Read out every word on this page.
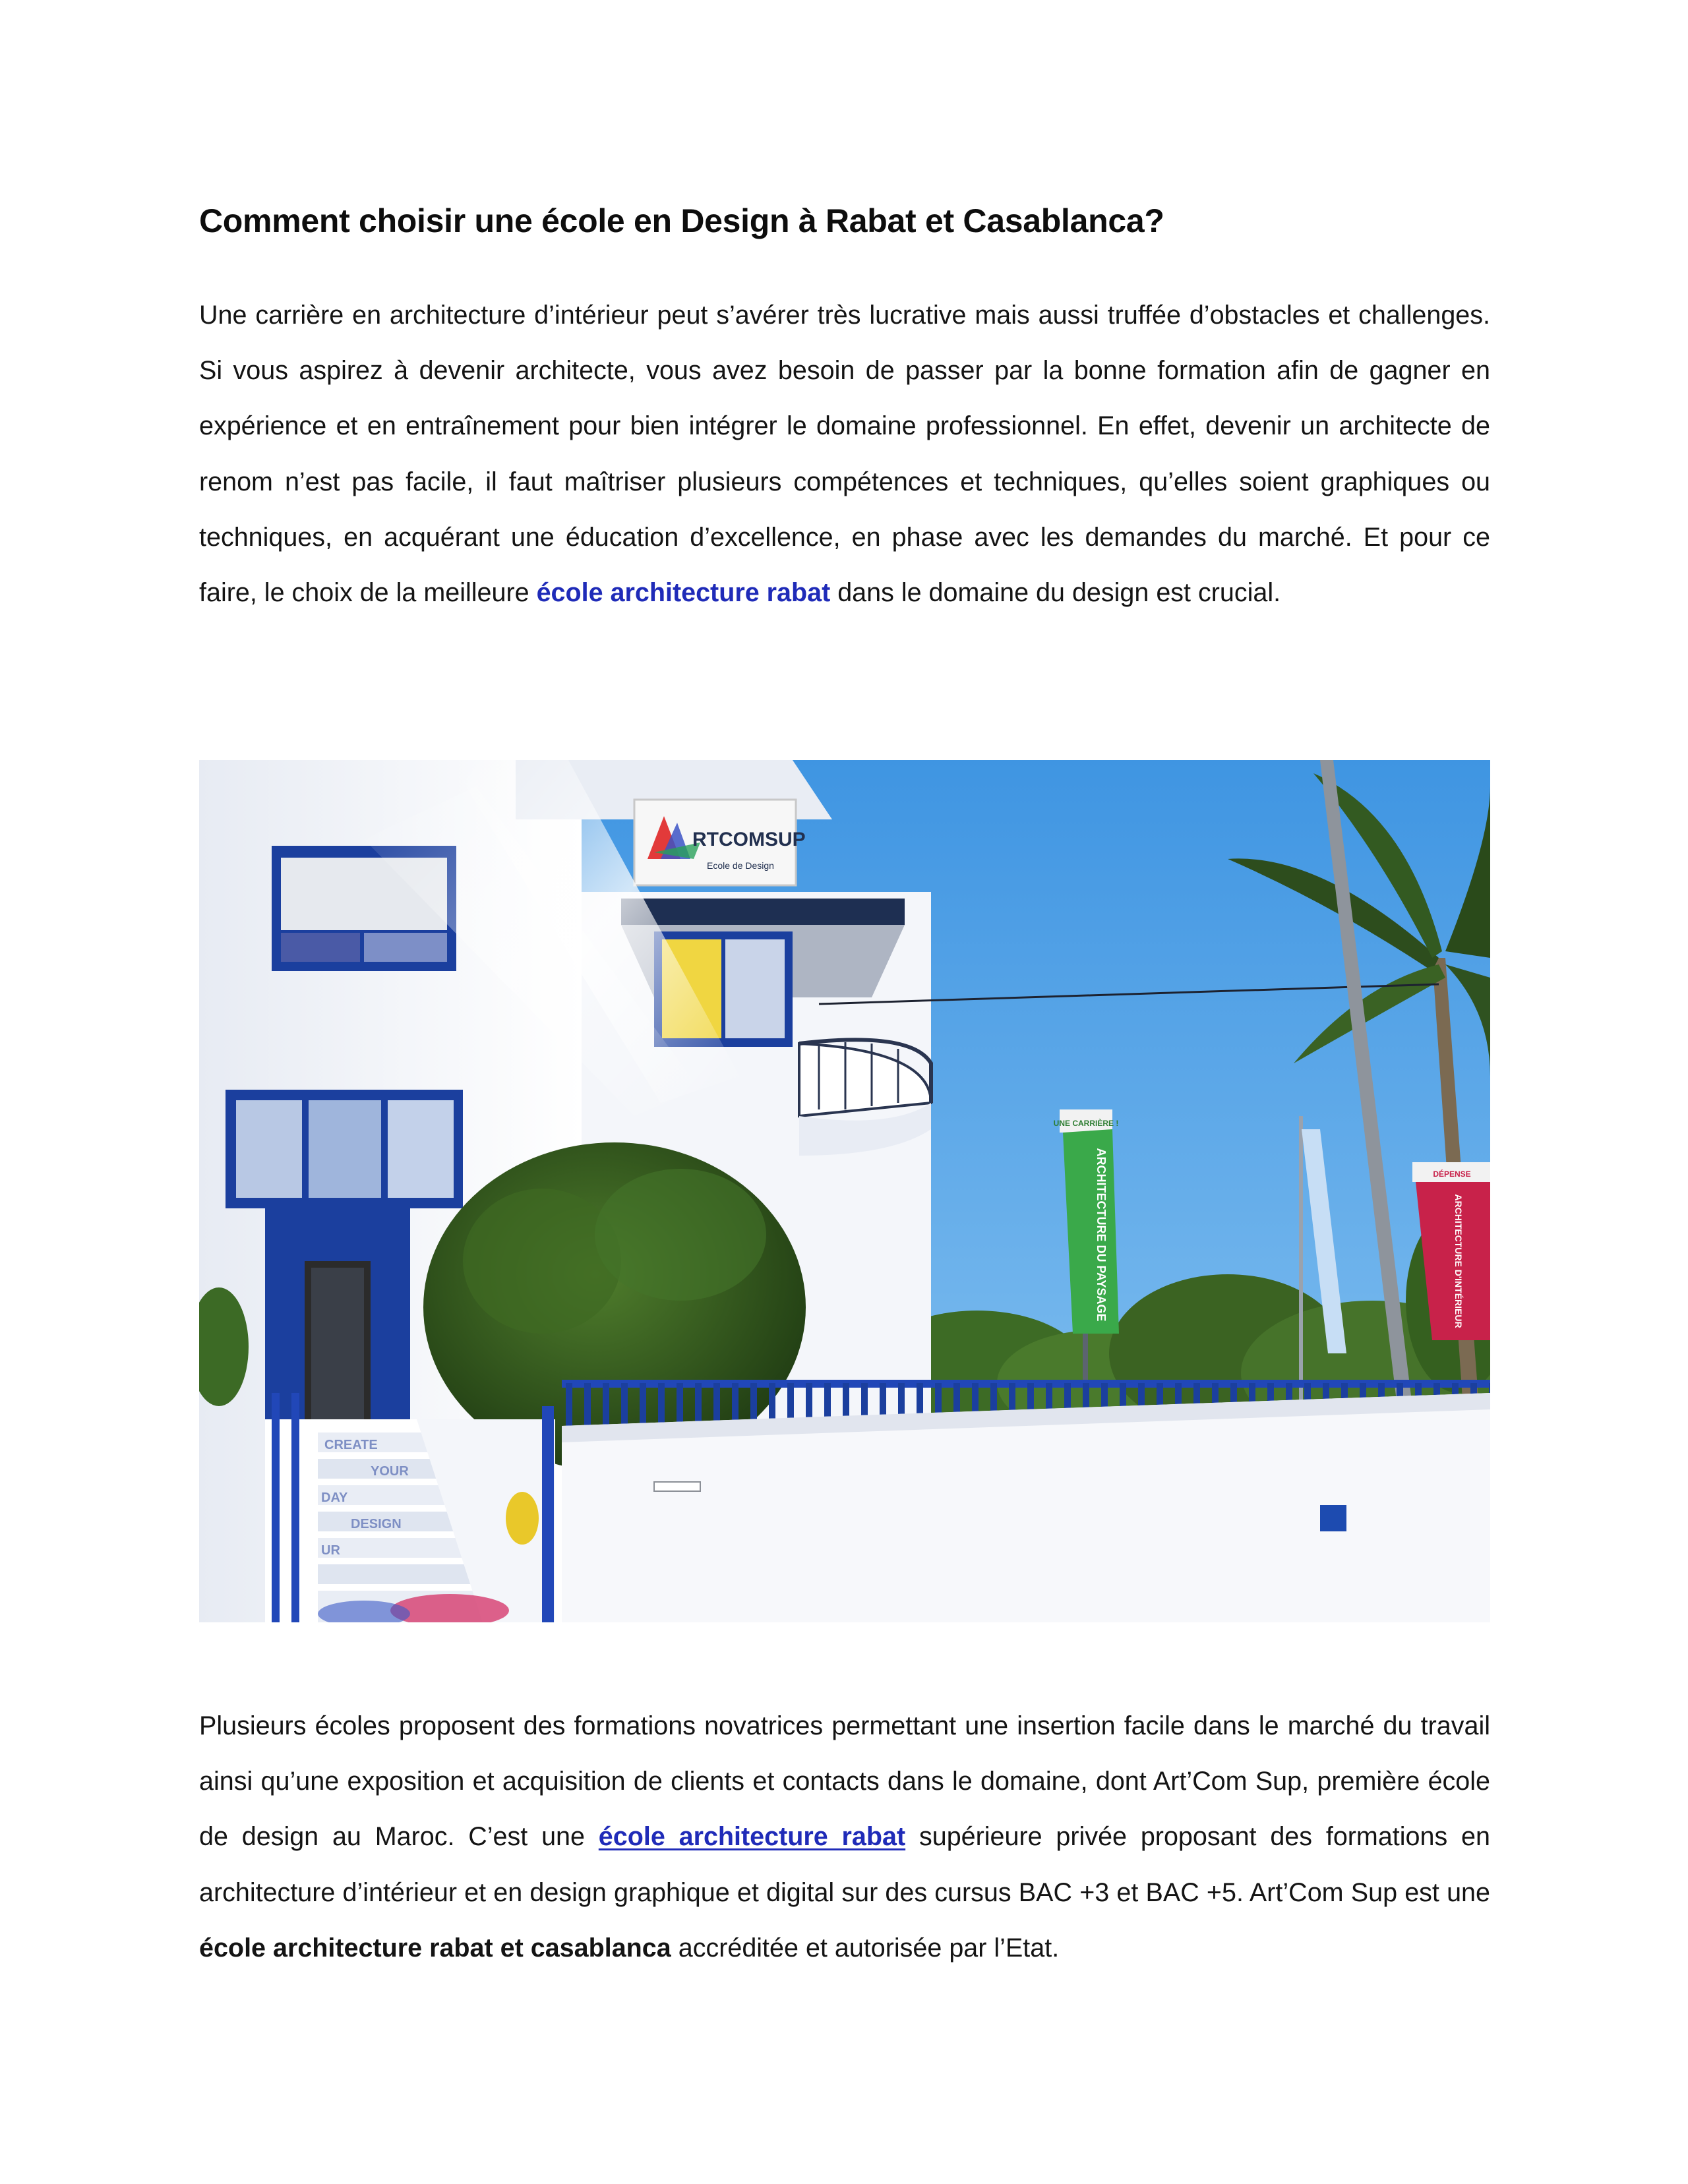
Comment choisir une école en Design à Rabat et Casablanca?

Une carrière en architecture d’intérieur peut s’avérer très lucrative mais aussi truffée d’obstacles et challenges. Si vous aspirez à devenir architecte, vous avez besoin de passer par la bonne formation afin de gagner en expérience et en entraînement pour bien intégrer le domaine professionnel. En effet, devenir un architecte de renom n’est pas facile, il faut maîtriser plusieurs compétences et techniques, qu’elles soient graphiques ou techniques, en acquérant une éducation d’excellence, en phase avec les demandes du marché. Et pour ce faire, le choix de la meilleure école architecture rabat dans le domaine du design est crucial.

RTCOMSUP
Ecole de Design
UNE CARRIÈRE !
ARCHITECTURE DU PAYSAGE	DÉPENSE
ARCHITECTURE D'INTÉRIEUR
CREATE
YOUR
DAY
DESIGN
UR

Plusieurs écoles proposent des formations novatrices permettant une insertion facile dans le marché du travail ainsi qu’une exposition et acquisition de clients et contacts dans le domaine, dont Art’Com Sup, première école de design au Maroc. C’est une école architecture rabat supérieure privée proposant des formations en architecture d’intérieur et en design graphique et digital sur des cursus BAC +3 et BAC +5. Art’Com Sup est une école architecture rabat et casablanca accréditée et autorisée par l’Etat.
